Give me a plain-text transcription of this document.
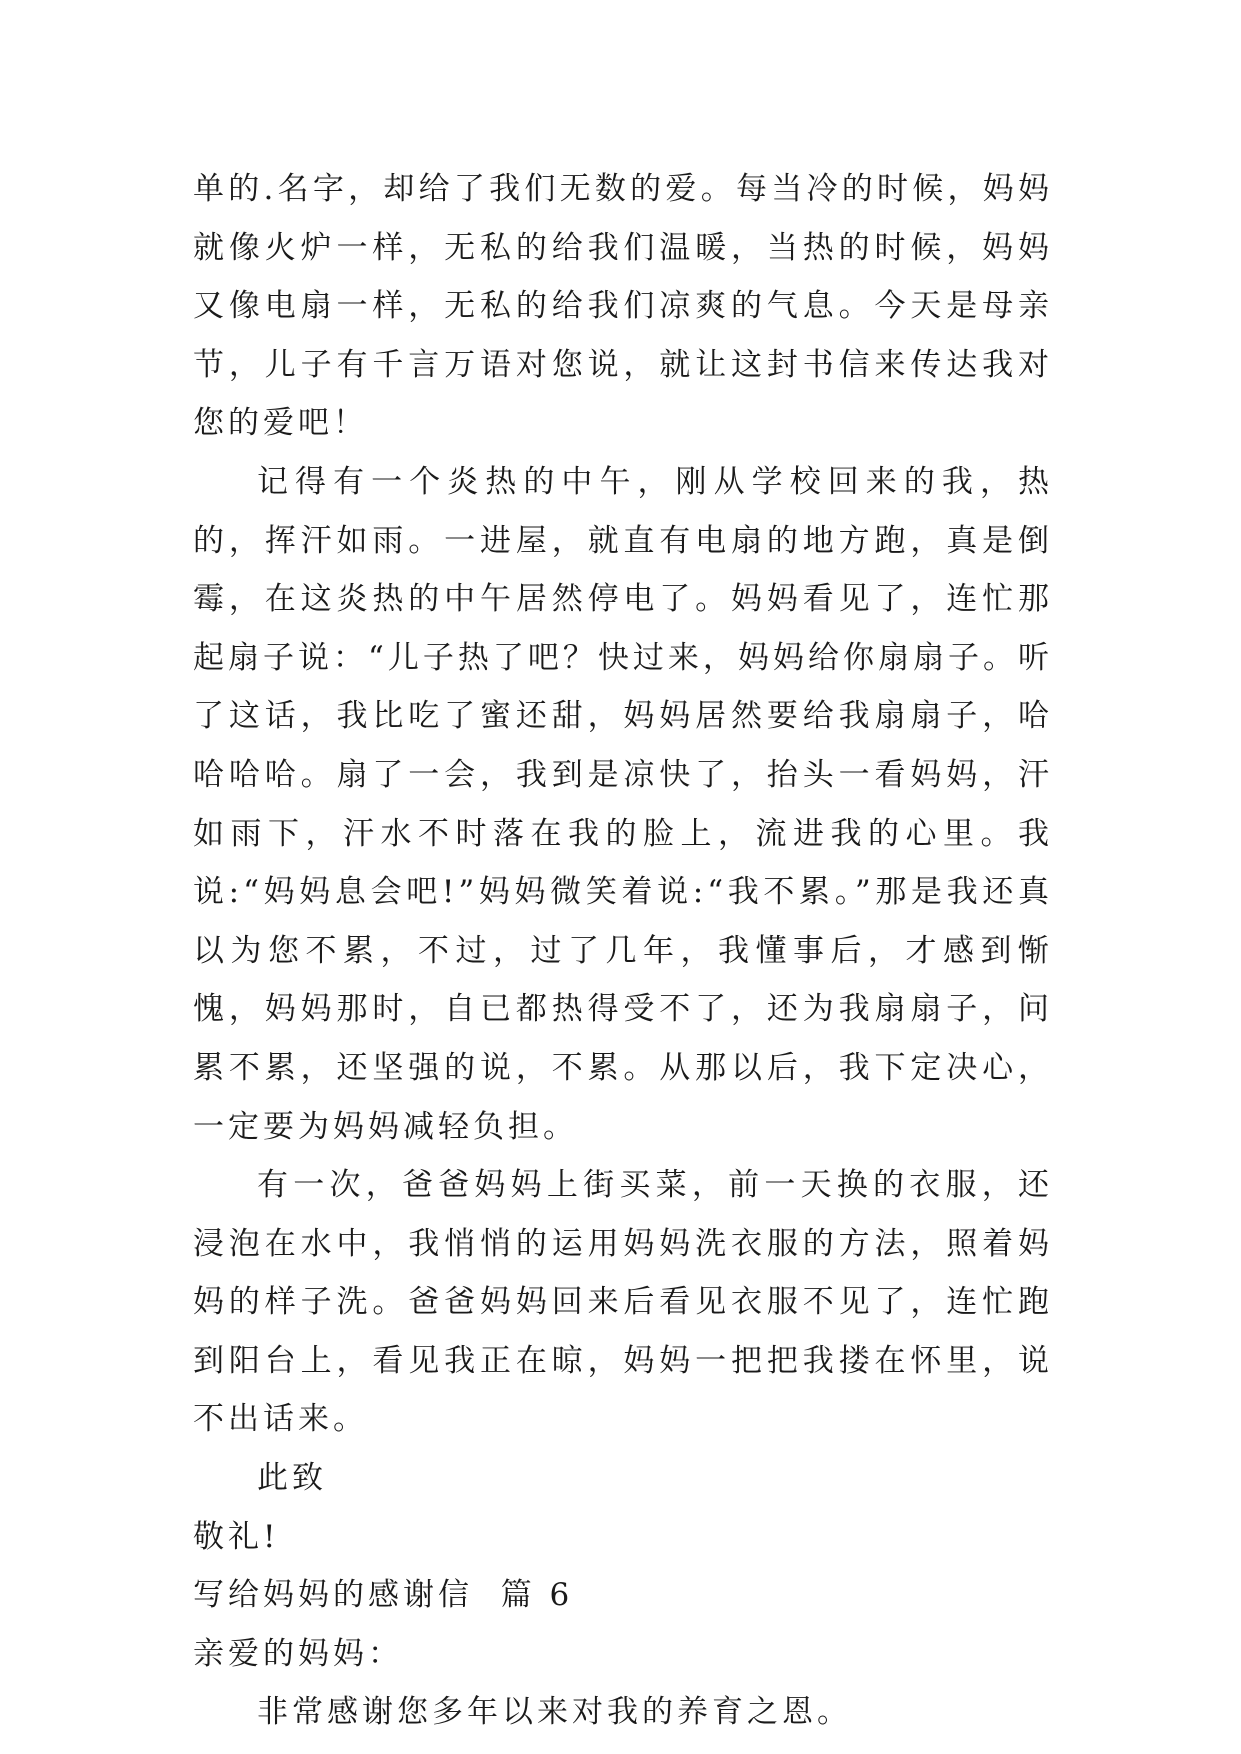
单的.名字，却给了我们无数的爱。每当冷的时候，妈妈就像火炉一样，无私的给我们温暖，当热的时候，妈妈又像电扇一样，无私的给我们凉爽的气息。今天是母亲节，儿子有千言万语对您说，就让这封书信来传达我对您的爱吧！

记得有一个炎热的中午，刚从学校回来的我，热的，挥汗如雨。一进屋，就直有电扇的地方跑，真是倒霉，在这炎热的中午居然停电了。妈妈看见了，连忙那起扇子说：“儿子热了吧？快过来，妈妈给你扇扇子。听了这话，我比吃了蜜还甜，妈妈居然要给我扇扇子，哈哈哈哈。扇了一会，我到是凉快了，抬头一看妈妈，汗如雨下，汗水不时落在我的脸上，流进我的心里。我说:“妈妈息会吧!”妈妈微笑着说:“我不累。”那是我还真以为您不累，不过，过了几年，我懂事后，才感到惭愧，妈妈那时，自已都热得受不了，还为我扇扇子，问累不累，还坚强的说，不累。从那以后，我下定决心，一定要为妈妈减轻负担。

有一次，爸爸妈妈上街买菜，前一天换的衣服，还浸泡在水中，我悄悄的运用妈妈洗衣服的方法，照着妈妈的样子洗。爸爸妈妈回来后看见衣服不见了，连忙跑到阳台上，看见我正在晾，妈妈一把把我搂在怀里，说不出话来。

此致

敬礼!

写给妈妈的感谢信  篇 6

亲爱的妈妈：

非常感谢您多年以来对我的养育之恩。
